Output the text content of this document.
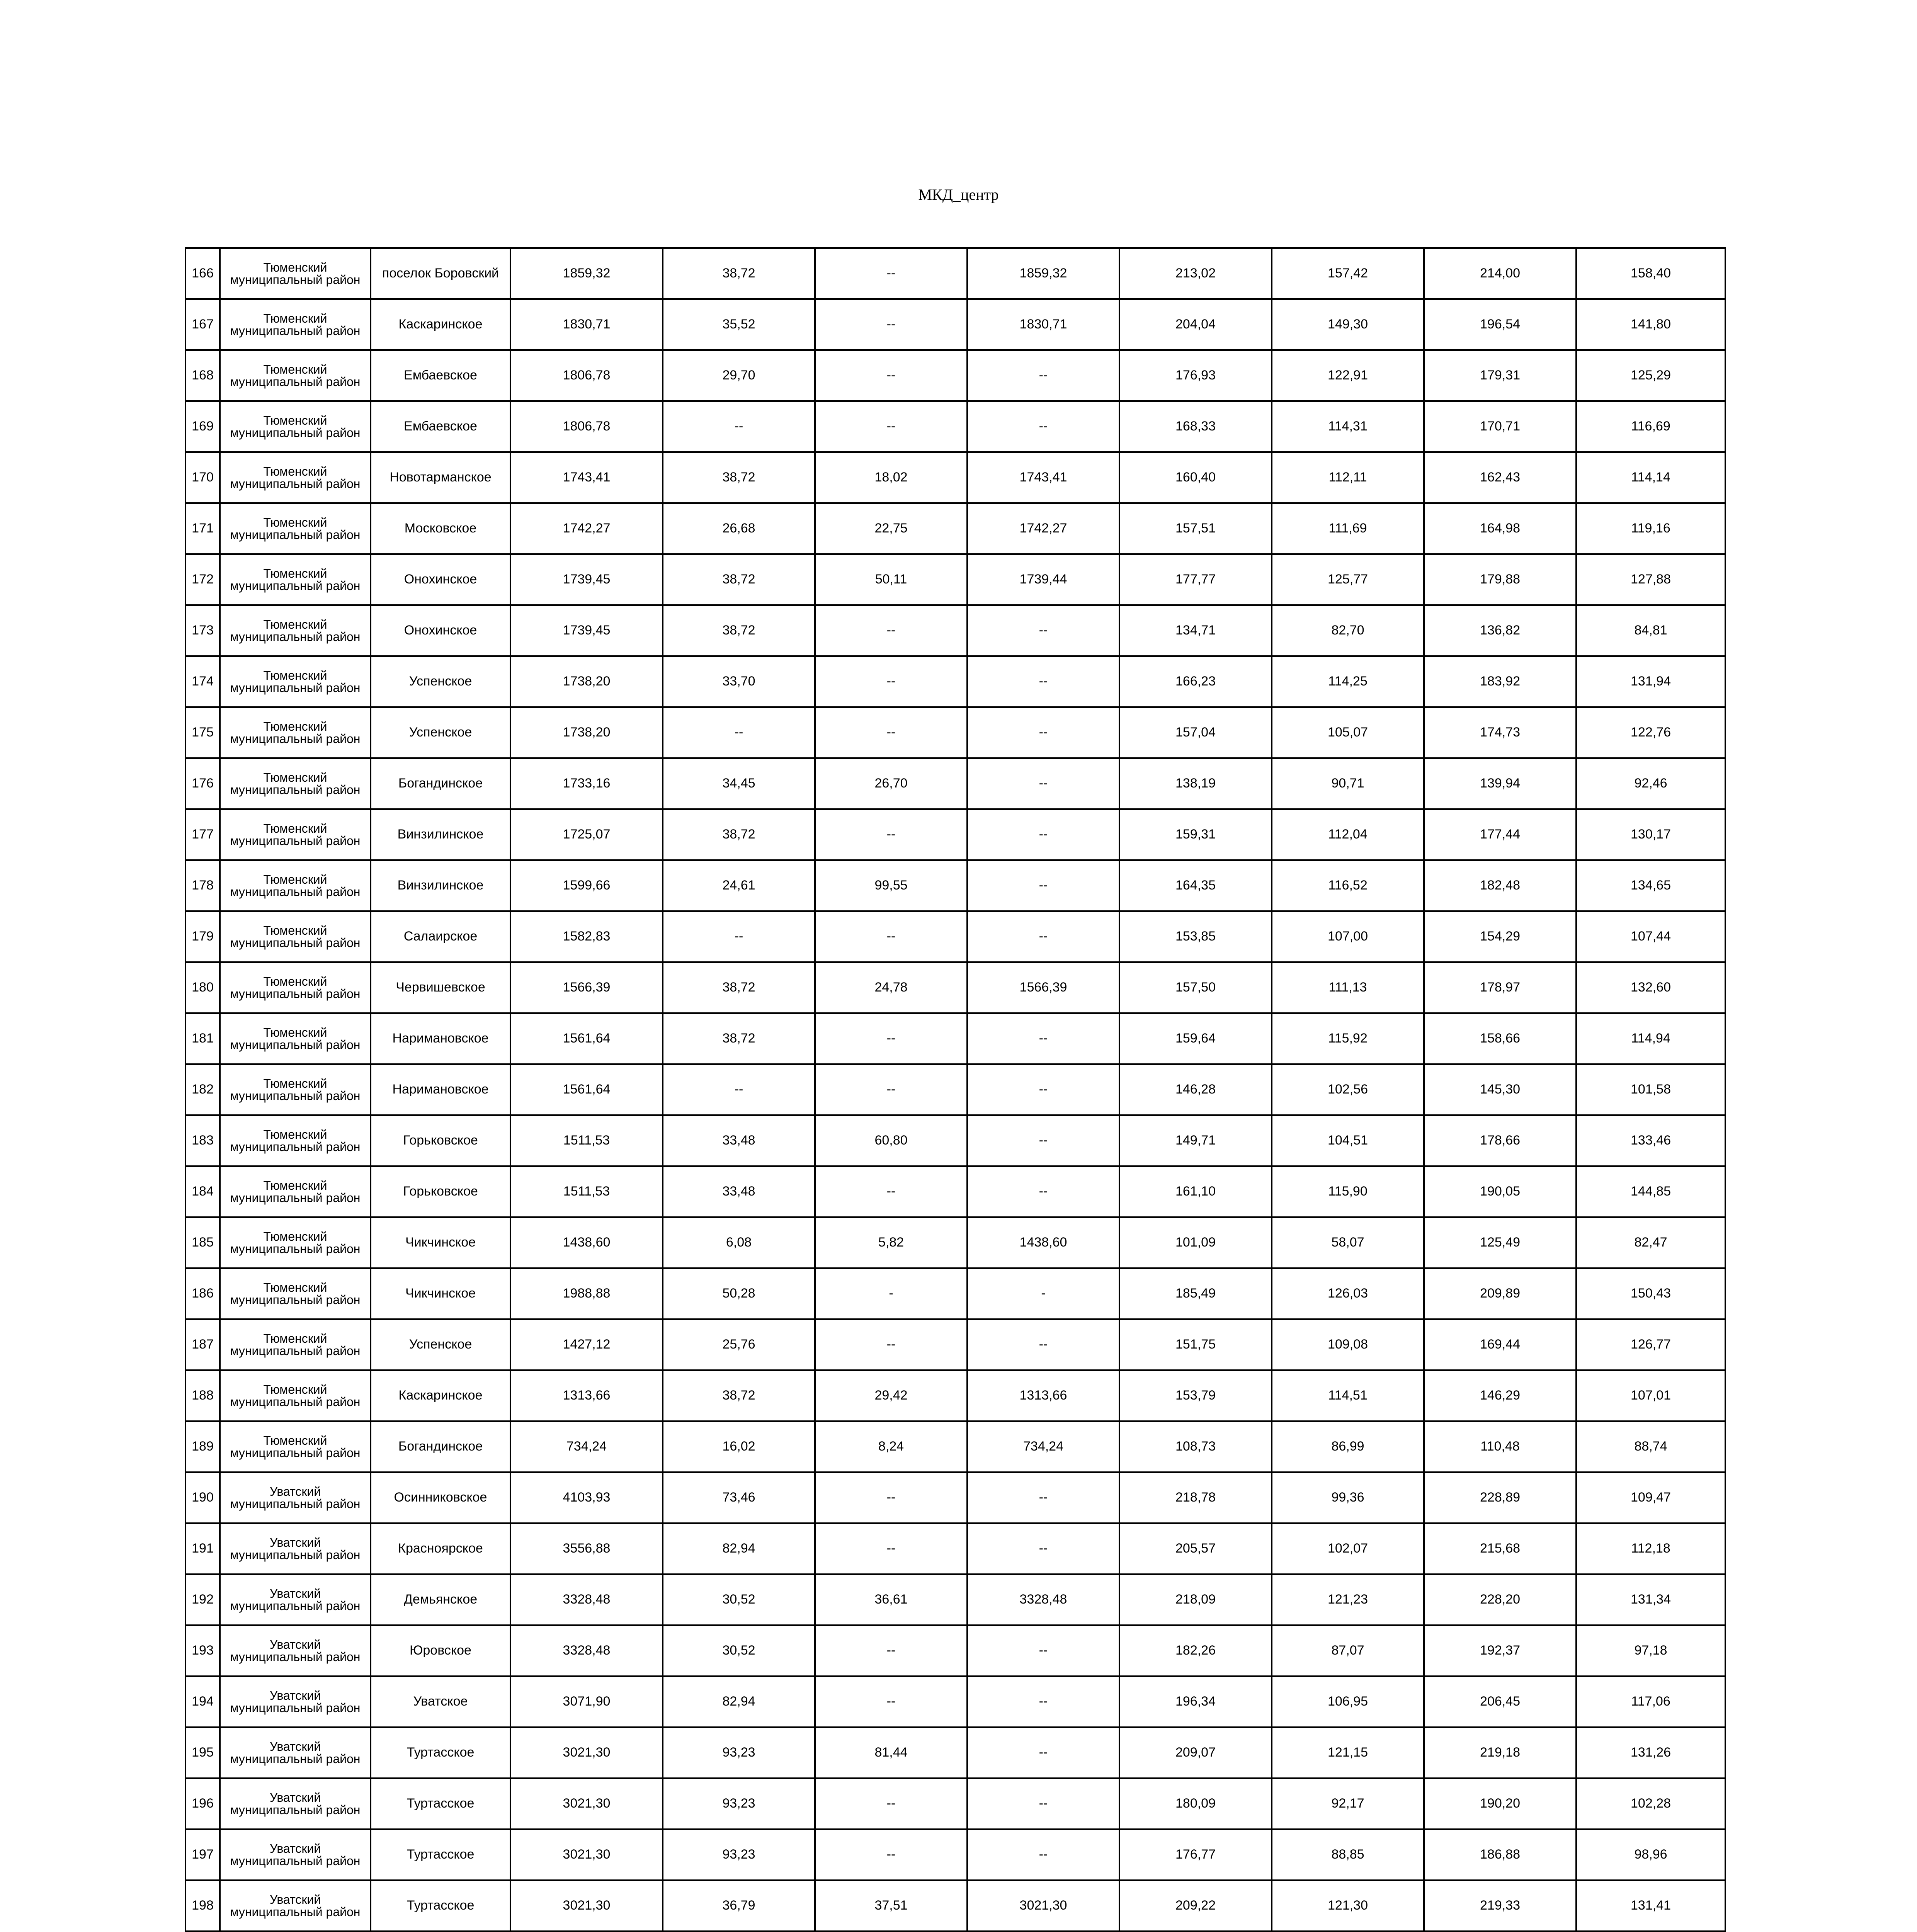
МКД_центр
166	Тюменский муниципальный район	поселок Боровский	1859,32	38,72	--	1859,32	213,02	157,42	214,00	158,40
167	Тюменский муниципальный район	Каскаринское	1830,71	35,52	--	1830,71	204,04	149,30	196,54	141,80
168	Тюменский муниципальный район	Ембаевское	1806,78	29,70	--	--	176,93	122,91	179,31	125,29
169	Тюменский муниципальный район	Ембаевское	1806,78	--	--	--	168,33	114,31	170,71	116,69
170	Тюменский муниципальный район	Новотарманское	1743,41	38,72	18,02	1743,41	160,40	112,11	162,43	114,14
171	Тюменский муниципальный район	Московское	1742,27	26,68	22,75	1742,27	157,51	111,69	164,98	119,16
172	Тюменский муниципальный район	Онохинское	1739,45	38,72	50,11	1739,44	177,77	125,77	179,88	127,88
173	Тюменский муниципальный район	Онохинское	1739,45	38,72	--	--	134,71	82,70	136,82	84,81
174	Тюменский муниципальный район	Успенское	1738,20	33,70	--	--	166,23	114,25	183,92	131,94
175	Тюменский муниципальный район	Успенское	1738,20	--	--	--	157,04	105,07	174,73	122,76
176	Тюменский муниципальный район	Богандинское	1733,16	34,45	26,70	--	138,19	90,71	139,94	92,46
177	Тюменский муниципальный район	Винзилинское	1725,07	38,72	--	--	159,31	112,04	177,44	130,17
178	Тюменский муниципальный район	Винзилинское	1599,66	24,61	99,55	--	164,35	116,52	182,48	134,65
179	Тюменский муниципальный район	Салаирское	1582,83	--	--	--	153,85	107,00	154,29	107,44
180	Тюменский муниципальный район	Червишевское	1566,39	38,72	24,78	1566,39	157,50	111,13	178,97	132,60
181	Тюменский муниципальный район	Наримановское	1561,64	38,72	--	--	159,64	115,92	158,66	114,94
182	Тюменский муниципальный район	Наримановское	1561,64	--	--	--	146,28	102,56	145,30	101,58
183	Тюменский муниципальный район	Горьковское	1511,53	33,48	60,80	--	149,71	104,51	178,66	133,46
184	Тюменский муниципальный район	Горьковское	1511,53	33,48	--	--	161,10	115,90	190,05	144,85
185	Тюменский муниципальный район	Чикчинское	1438,60	6,08	5,82	1438,60	101,09	58,07	125,49	82,47
186	Тюменский муниципальный район	Чикчинское	1988,88	50,28	-	-	185,49	126,03	209,89	150,43
187	Тюменский муниципальный район	Успенское	1427,12	25,76	--	--	151,75	109,08	169,44	126,77
188	Тюменский муниципальный район	Каскаринское	1313,66	38,72	29,42	1313,66	153,79	114,51	146,29	107,01
189	Тюменский муниципальный район	Богандинское	734,24	16,02	8,24	734,24	108,73	86,99	110,48	88,74
190	Уватский муниципальный район	Осинниковское	4103,93	73,46	--	--	218,78	99,36	228,89	109,47
191	Уватский муниципальный район	Красноярское	3556,88	82,94	--	--	205,57	102,07	215,68	112,18
192	Уватский муниципальный район	Демьянское	3328,48	30,52	36,61	3328,48	218,09	121,23	228,20	131,34
193	Уватский муниципальный район	Юровское	3328,48	30,52	--	--	182,26	87,07	192,37	97,18
194	Уватский муниципальный район	Уватское	3071,90	82,94	--	--	196,34	106,95	206,45	117,06
195	Уватский муниципальный район	Туртасское	3021,30	93,23	81,44	--	209,07	121,15	219,18	131,26
196	Уватский муниципальный район	Туртасское	3021,30	93,23	--	--	180,09	92,17	190,20	102,28
197	Уватский муниципальный район	Туртасское	3021,30	93,23	--	--	176,77	88,85	186,88	98,96
198	Уватский муниципальный район	Туртасское	3021,30	36,79	37,51	3021,30	209,22	121,30	219,33	131,41
